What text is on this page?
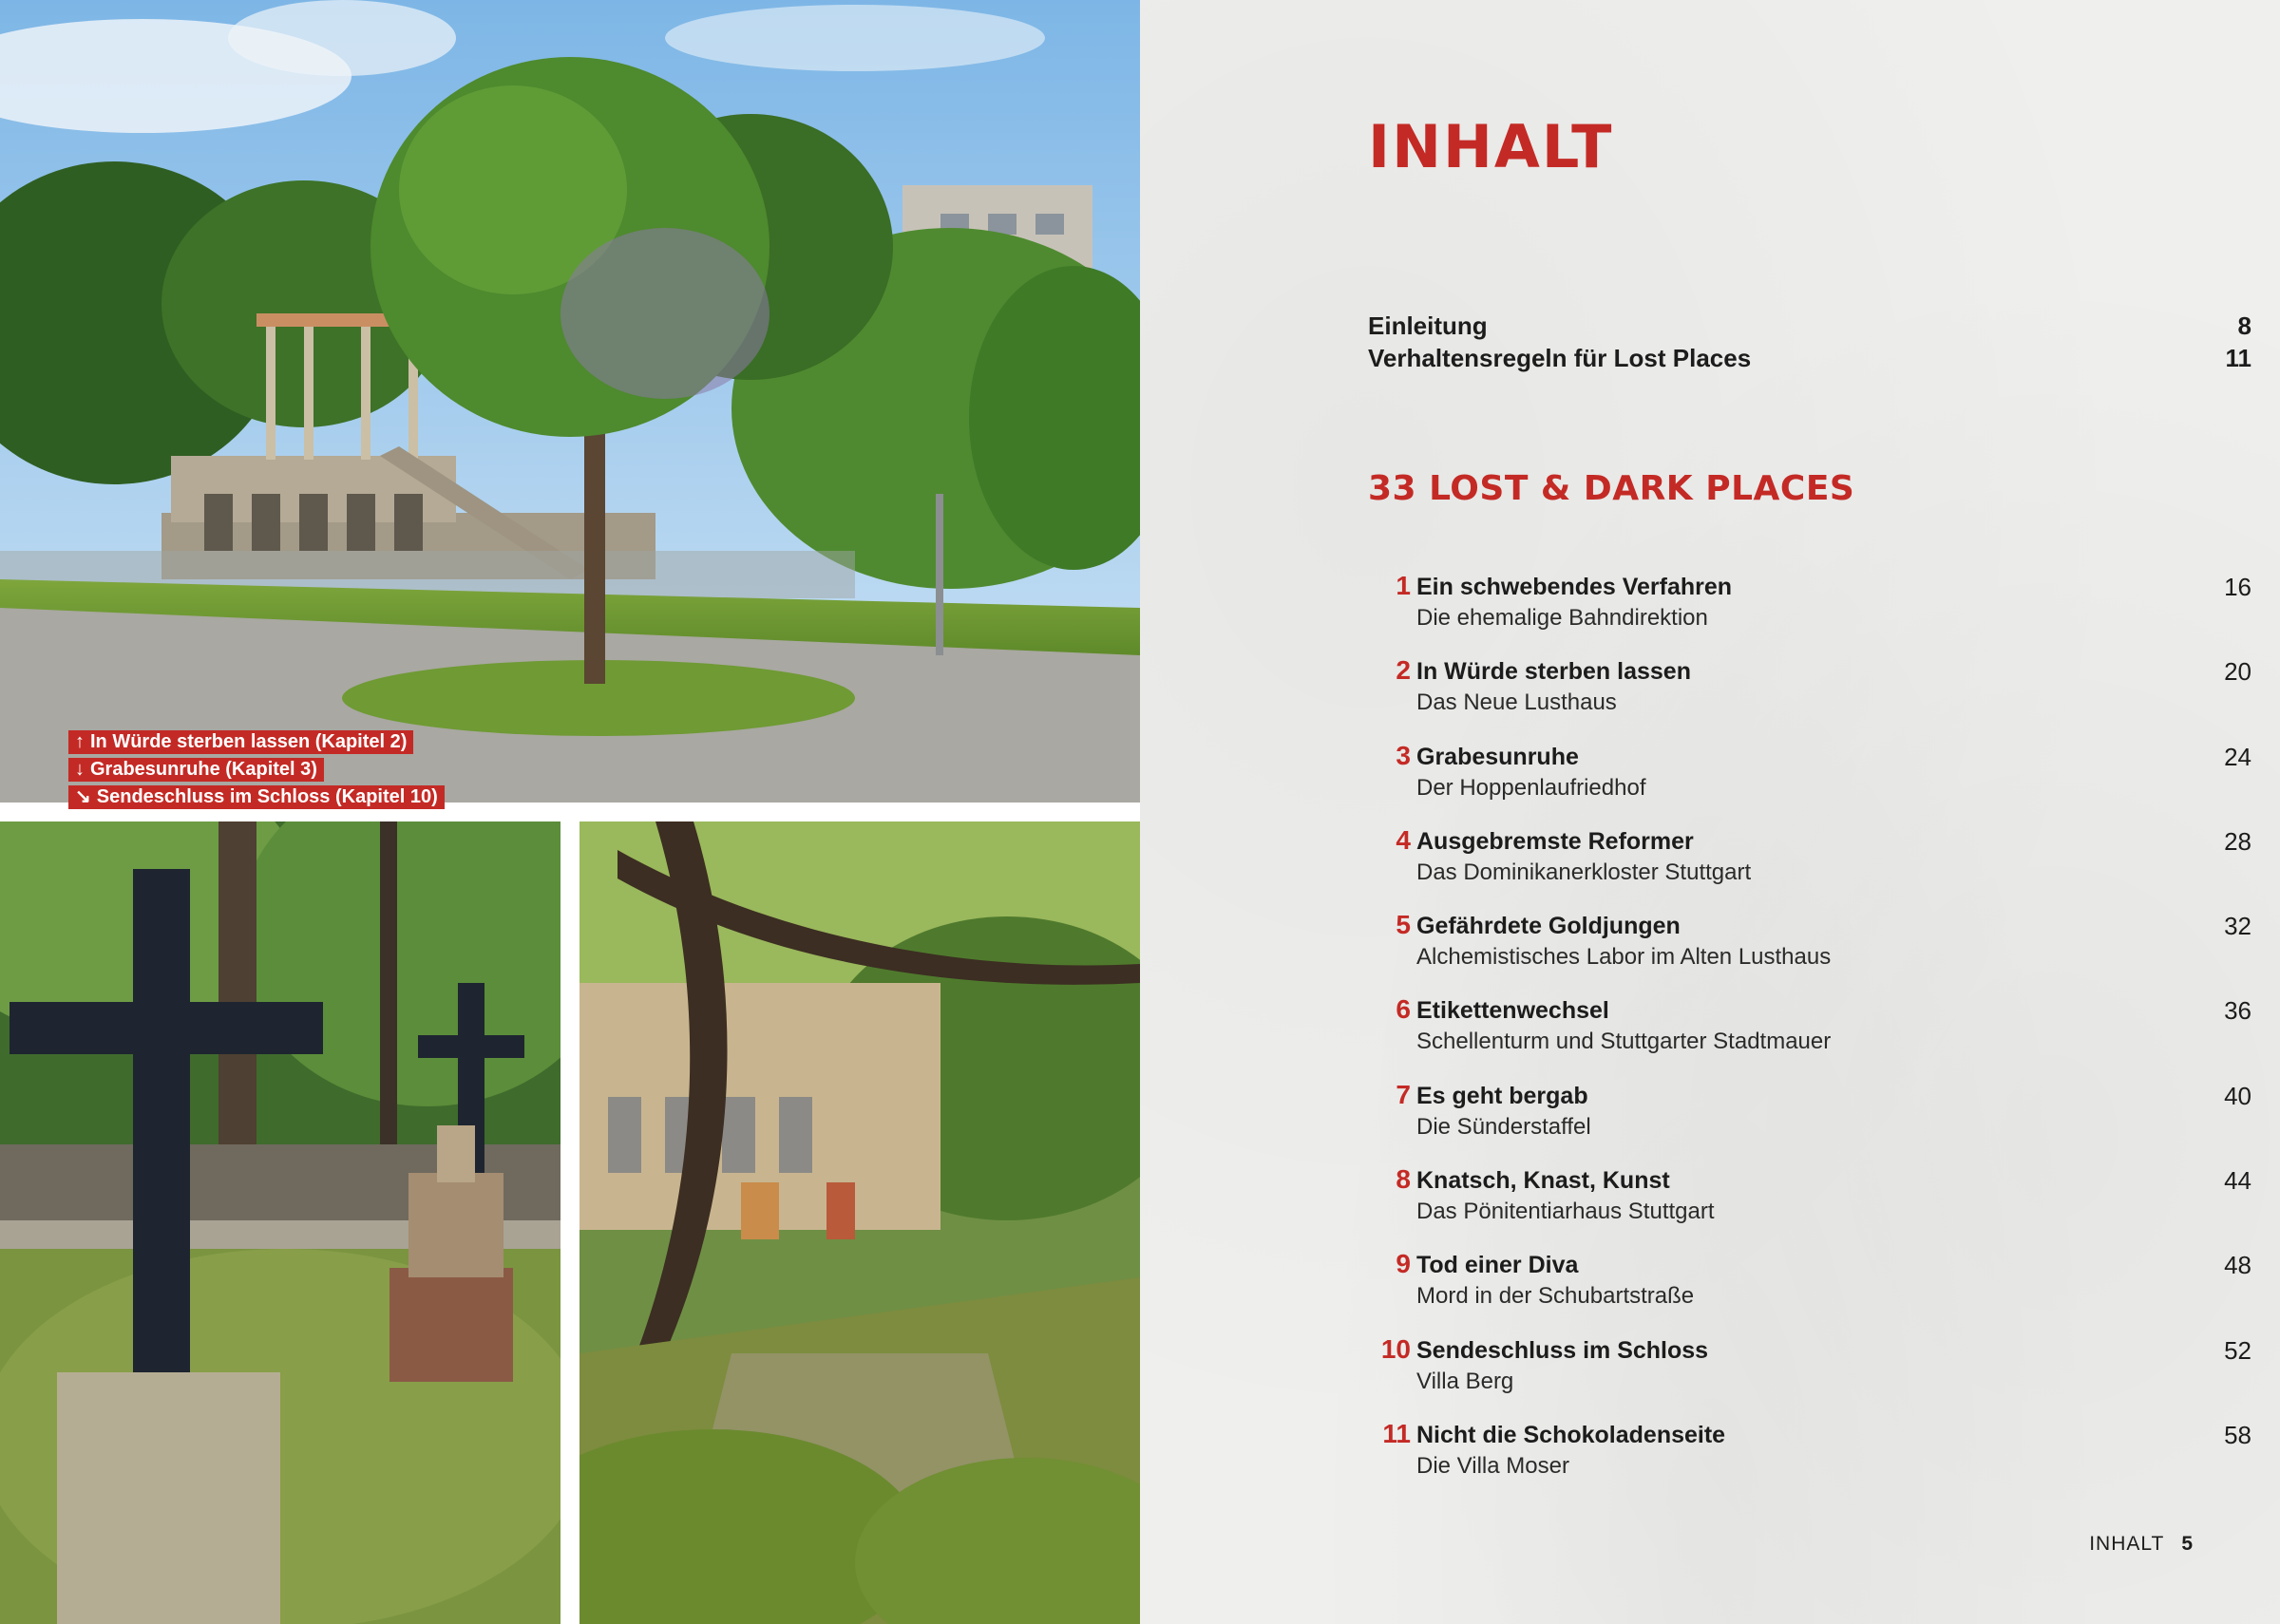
↑ In Würde sterben lassen (Kapitel 2)
↓ Grabesunruhe (Kapitel 3)
↘ Sendeschluss im Schloss (Kapitel 10)
INHALT
Einleitung	8
Verhaltensregeln für Lost Places	11
33 LOST & DARK PLACES
1 Ein schwebendes Verfahren
Die ehemalige Bahndirektion
16
2 In Würde sterben lassen
Das Neue Lusthaus
20
3 Grabesunruhe
Der Hoppenlaufriedhof
24
4 Ausgebremste Reformer
Das Dominikanerkloster Stuttgart
28
5 Gefährdete Goldjungen
Alchemistisches Labor im Alten Lusthaus
32
6 Etikettenwechsel
Schellenturm und Stuttgarter Stadtmauer
36
7 Es geht bergab
Die Sünderstaffel
40
8 Knatsch, Knast, Kunst
Das Pönitentiarhaus Stuttgart
44
9 Tod einer Diva
Mord in der Schubartstraße
48
10 Sendeschluss im Schloss
Villa Berg
52
11 Nicht die Schokoladenseite
Die Villa Moser
58
INHALT 5
